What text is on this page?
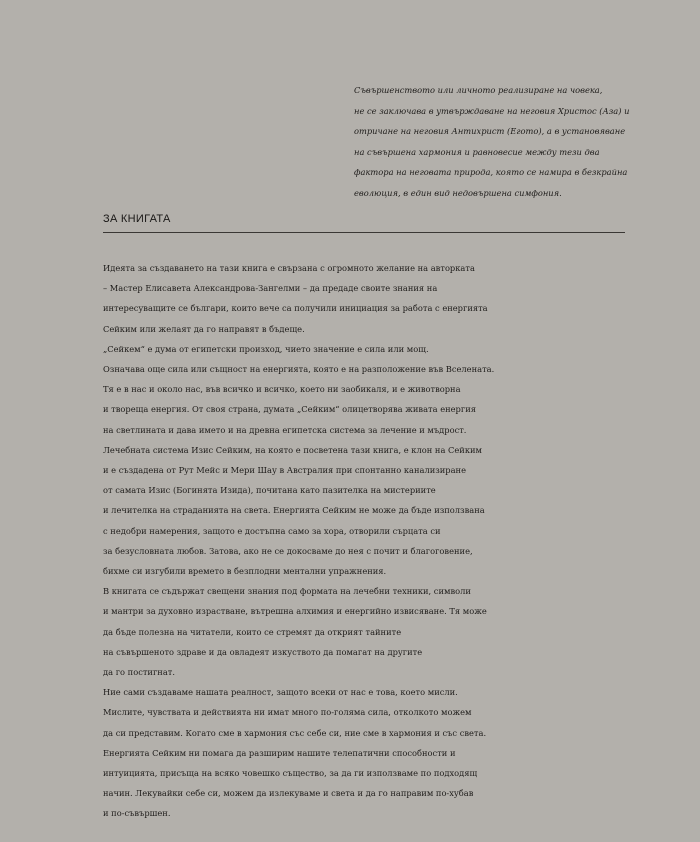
Съвършенството или личното реализиране на човека,
не се заключава в утвърждаване на неговия Христос (Аза) и
отричане на неговия Антихрист (Егото), а в установяване
на съвършена хармония и равновесие между тези два
фактора на неговата природа, която се намира в безкрайна
еволюция, в един вид недовършена симфония.
ЗА КНИГАТА
Идеята за създаването на тази книга е свързана с огромното желание на авторката
– Мастер Елисавета Александрова-Зангелми – да предаде своите знания на
интересуващите се българи, които вече са получили инициация за работа с енергията
Сейким или желаят да го направят в бъдеще.
„Сейкем“ е дума от египетски произход, чието значение е сила или мощ.
Означава още сила или същност на енергията, която е на разположение във Вселената.
Тя е в нас и около нас, във всичко и всичко, което ни заобикаля, и е животворна
и твореща енергия. От своя страна, думата „Сейким“ олицетворява живата енергия
на светлината и дава името и на древна египетска система за лечение и мъдрост.
Лечебната система Изис Сейким, на която е посветена тази книга, е клон на Сейким
и е създадена от Рут Мейс и Мери Шау в Австралия при спонтанно канализиране
от самата Изис (Богинята Изида), почитана като пазителка на мистериите
и лечителка на страданията на света. Енергията Сейким не може да бъде използвана
с недобри намерения, защото е достъпна само за хора, отворили сърцата си
за безусловната любов. Затова, ако не се докосваме до нея с почит и благоговение,
бихме си изгубили времето в безплодни ментални упражнения.
В книгата се съдържат свещени знания под формата на лечебни техники, символи
и мантри за духовно израстване, вътрешна алхимия и енергийно извисяване. Тя може
да бъде полезна на читатели, които се стремят да открият тайните
на съвършеното здраве и да овладеят изкуството да помагат на другите
да го постигнат.
Ние сами създаваме нашата реалност, защото всеки от нас е това, което мисли.
Мислите, чувствата и действията ни имат много по-голяма сила, отколкото можем
да си представим. Когато сме в хармония със себе си, ние сме в хармония и със света.
Енергията Сейким ни помага да разширим нашите телепатични способности и
интуицията, присъща на всяко човешко същество, за да ги използваме по подходящ
начин. Лекувайки себе си, можем да излекуваме и света и да го направим по-хубав
и по-съвършен.
